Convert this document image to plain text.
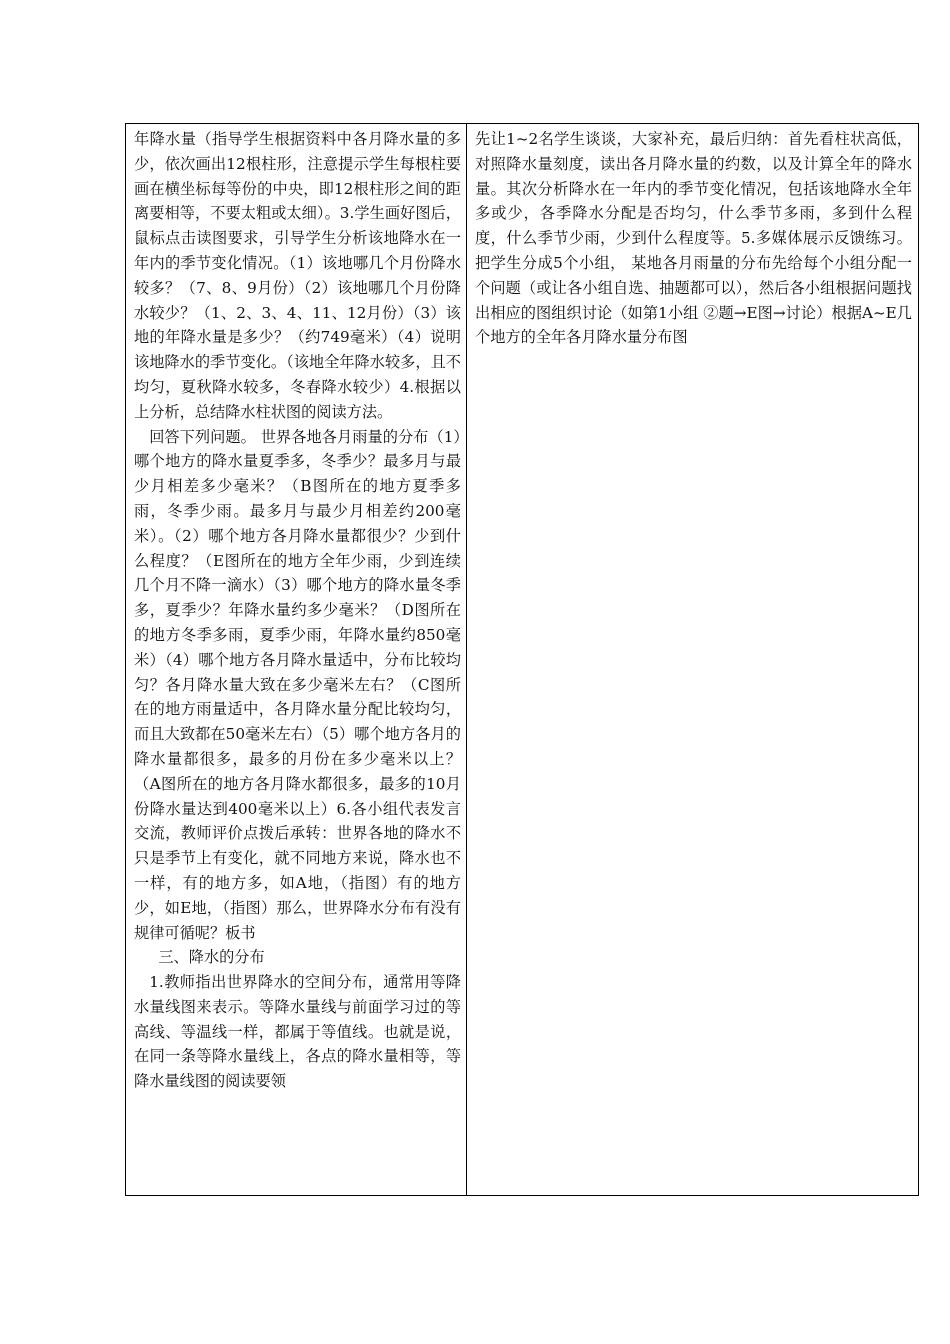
年降水量（指导学生根据资料中各月降水量的多少，依次画出12根柱形，注意提示学生每根柱要画在横坐标每等份的中央，即12根柱形之间的距离要相等，不要太粗或太细）。3.学生画好图后，鼠标点击读图要求，引导学生分析该地降水在一年内的季节变化情况。（1）该地哪几个月份降水较多？（7、8、9月份）（2）该地哪几个月份降水较少？（1、2、3、4、11、12月份）（3）该地的年降水量是多少？（约749毫米）（4）说明该地降水的季节变化。（该地全年降水较多，且不均匀，夏秋降水较多，冬春降水较少）4.根据以上分析，总结降水柱状图的阅读方法。

回答下列问题。 世界各地各月雨量的分布（1）哪个地方的降水量夏季多，冬季少？最多月与最少月相差多少毫米？（B图所在的地方夏季多雨，冬季少雨。最多月与最少月相差约200毫米）。（2）哪个地方各月降水量都很少？少到什么程度？（E图所在的地方全年少雨，少到连续几个月不降一滴水）（3）哪个地方的降水量冬季多，夏季少？年降水量约多少毫米？（D图所在的地方冬季多雨，夏季少雨，年降水量约850毫米）（4）哪个地方各月降水量适中，分布比较均匀？各月降水量大致在多少毫米左右？（C图所在的地方雨量适中，各月降水量分配比较均匀，而且大致都在50毫米左右）（5）哪个地方各月的降水量都很多，最多的月份在多少毫米以上？（A图所在的地方各月降水都很多，最多的10月份降水量达到400毫米以上）6.各小组代表发言交流，教师评价点拨后承转：世界各地的降水不只是季节上有变化，就不同地方来说，降水也不一样，有的地方多，如A地，（指图）有的地方少，如E地，（指图）那么，世界降水分布有没有规律可循呢？板书

三、降水的分布

1.教师指出世界降水的空间分布，通常用等降水量线图来表示。等降水量线与前面学习过的等高线、等温线一样，都属于等值线。也就是说，在同一条等降水量线上，各点的降水量相等，等降水量线图的阅读要领

先让1~2名学生谈谈，大家补充，最后归纳：首先看柱状高低，对照降水量刻度，读出各月降水量的约数，以及计算全年的降水量。其次分析降水在一年内的季节变化情况，包括该地降水全年多或少，各季降水分配是否均匀，什么季节多雨，多到什么程度，什么季节少雨，少到什么程度等。5.多媒体展示反馈练习。把学生分成5个小组， 某地各月雨量的分布先给每个小组分配一个问题（或让各小组自选、抽题都可以），然后各小组根据问题找出相应的图组织讨论（如第1小组 ②题→E图→讨论）根据A~E几个地方的全年各月降水量分布图
